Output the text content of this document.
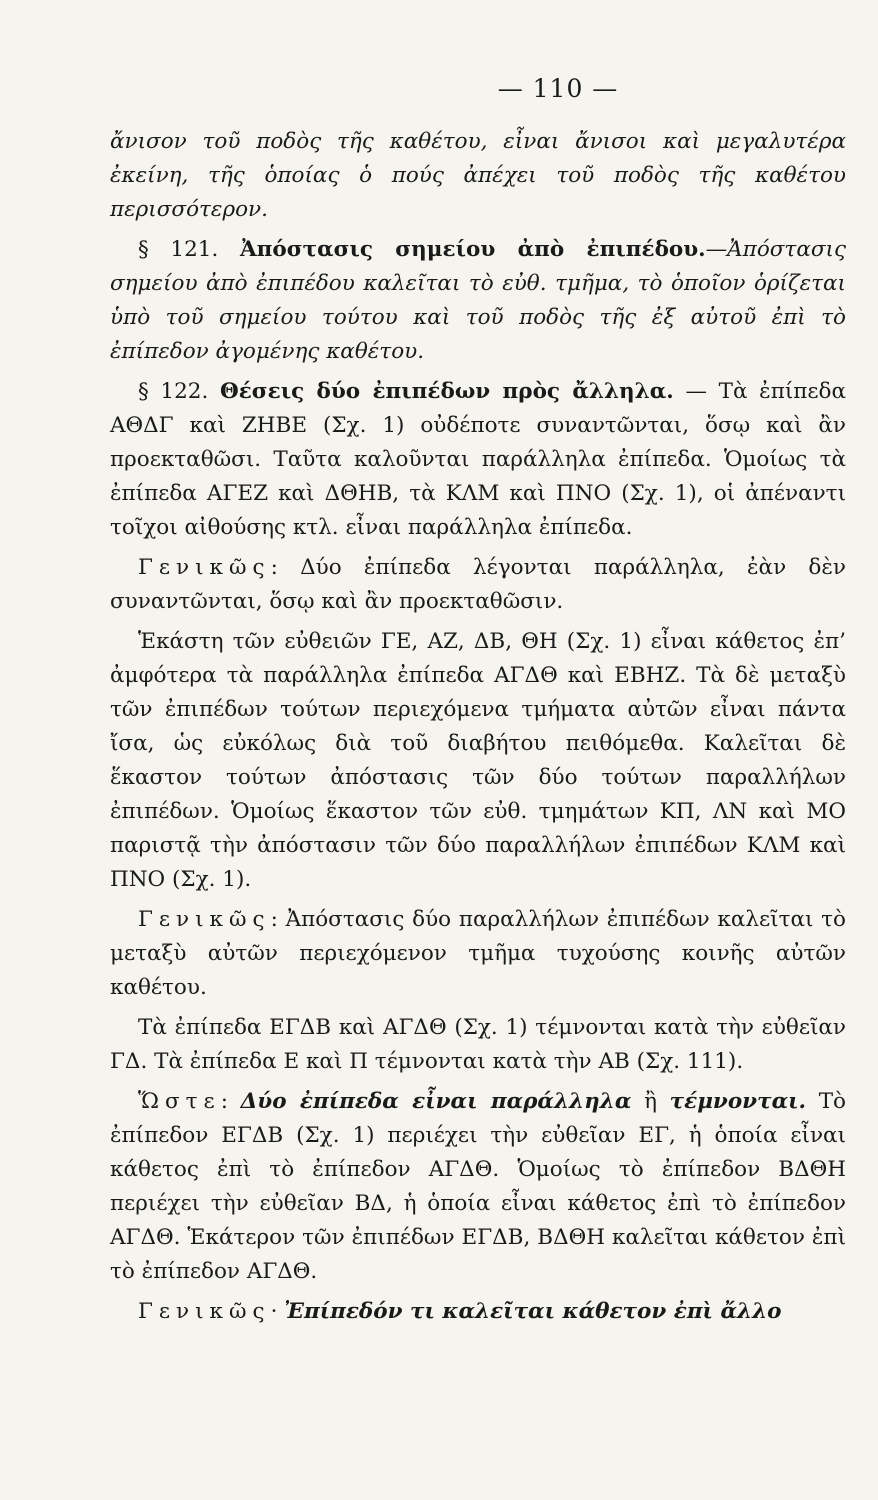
— 110 —

ἄνισον τοῦ ποδὸς τῆς καθέτου, εἶναι ἄνισοι καὶ μεγαλυτέρα ἐκείνη, τῆς ὁποίας ὁ πούς ἀπέχει τοῦ ποδὸς τῆς καθέτου περισσότερον.

§ 121. Ἀπόστασις σημείου ἀπὸ ἐπιπέδου.—Ἀπόστασις σημείου ἀπὸ ἐπιπέδου καλεῖται τὸ εὐθ. τμῆμα, τὸ ὁποῖον ὁρίζεται ὑπὸ τοῦ σημείου τούτου καὶ τοῦ ποδὸς τῆς ἐξ αὐτοῦ ἐπὶ τὸ ἐπίπεδον ἀγομένης καθέτου.

§ 122. Θέσεις δύο ἐπιπέδων πρὸς ἄλληλα. — Τὰ ἐπίπεδα ΑΘΔΓ καὶ ΖΗΒΕ (Σχ. 1) οὐδέποτε συναντῶνται, ὅσῳ καὶ ἂν προεκταθῶσι. Ταῦτα καλοῦνται παράλληλα ἐπίπεδα. Ὁμοίως τὰ ἐπίπεδα ΑΓΕΖ καὶ ΔΘΗΒ, τὰ ΚΛΜ καὶ ΠΝΟ (Σχ. 1), οἱ ἀπέναντι τοῖχοι αἰθούσης κτλ. εἶναι παράλληλα ἐπίπεδα.

Γενικῶς: Δύο ἐπίπεδα λέγονται παράλληλα, ἐὰν δὲν συναντῶνται, ὅσῳ καὶ ἂν προεκταθῶσιν.

Ἑκάστη τῶν εὐθειῶν ΓΕ, ΑΖ, ΔΒ, ΘΗ (Σχ. 1) εἶναι κάθετος ἐπ’ ἀμφότερα τὰ παράλληλα ἐπίπεδα ΑΓΔΘ καὶ ΕΒΗΖ. Τὰ δὲ μεταξὺ τῶν ἐπιπέδων τούτων περιεχόμενα τμήματα αὐτῶν εἶναι πάντα ἴσα, ὡς εὐκόλως διὰ τοῦ διαβήτου πειθόμεθα. Καλεῖται δὲ ἕκαστον τούτων ἀπόστασις τῶν δύο τούτων παραλλήλων ἐπιπέδων. Ὁμοίως ἕκαστον τῶν εὐθ. τμημάτων ΚΠ, ΛΝ καὶ ΜΟ παριστᾷ τὴν ἀπόστασιν τῶν δύο παραλλήλων ἐπιπέδων ΚΛΜ καὶ ΠΝΟ (Σχ. 1).

Γενικῶς: Ἀπόστασις δύο παραλλήλων ἐπιπέδων καλεῖται τὸ μεταξὺ αὐτῶν περιεχόμενον τμῆμα τυχούσης κοινῆς αὐτῶν καθέτου.

Τὰ ἐπίπεδα ΕΓΔΒ καὶ ΑΓΔΘ (Σχ. 1) τέμνονται κατὰ τὴν εὐθεῖαν ΓΔ. Τὰ ἐπίπεδα Ε καὶ Π τέμνονται κατὰ τὴν ΑΒ (Σχ. 111).

Ὥστε: Δύο ἐπίπεδα εἶναι παράλληλα ἢ τέμνονται. Τὸ ἐπίπεδον ΕΓΔΒ (Σχ. 1) περιέχει τὴν εὐθεῖαν ΕΓ, ἡ ὁποία εἶναι κάθετος ἐπὶ τὸ ἐπίπεδον ΑΓΔΘ. Ὁμοίως τὸ ἐπίπεδον ΒΔΘΗ περιέχει τὴν εὐθεῖαν ΒΔ, ἡ ὁποία εἶναι κάθετος ἐπὶ τὸ ἐπίπεδον ΑΓΔΘ. Ἑκάτερον τῶν ἐπιπέδων ΕΓΔΒ, ΒΔΘΗ καλεῖται κάθετον ἐπὶ τὸ ἐπίπεδον ΑΓΔΘ.

Γενικῶς· Ἐπίπεδόν τι καλεῖται κάθετον ἐπὶ ἄλλο
